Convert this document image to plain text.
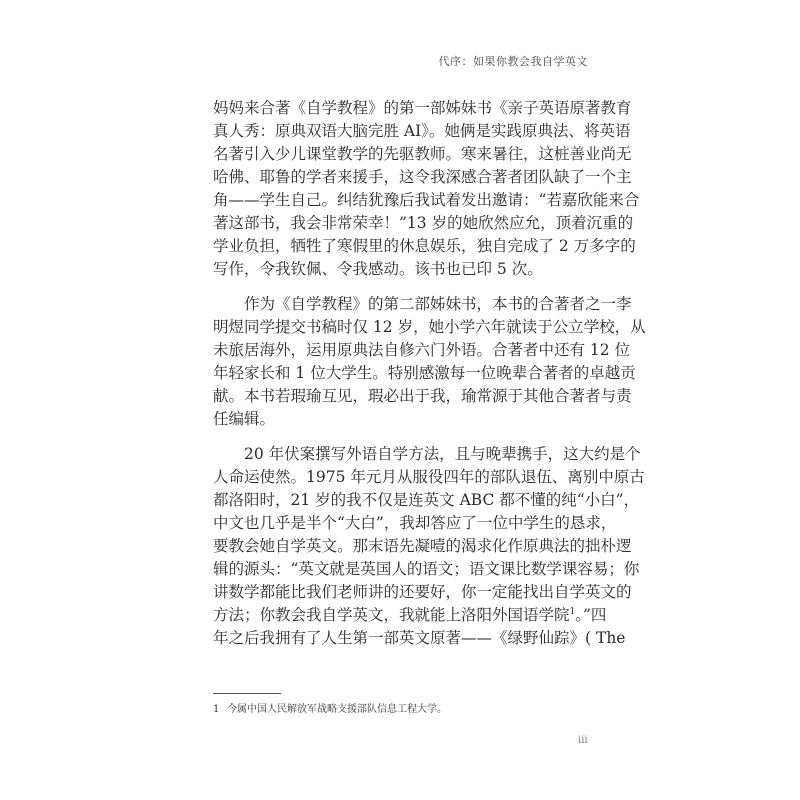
代序：如果你教会我自学英文
妈妈来合著《自学教程》的第一部姊妹书《亲子英语原著教育
真人秀：原典双语大脑完胜 AI》。她俩是实践原典法、将英语
名著引入少儿课堂教学的先驱教师。寒来暑往，这桩善业尚无
哈佛、耶鲁的学者来援手，这令我深感合著者团队缺了一个主
角——学生自己。纠结犹豫后我试着发出邀请：“若嘉欣能来合
著这部书，我会非常荣幸！”13 岁的她欣然应允，顶着沉重的
学业负担，牺牲了寒假里的休息娱乐，独自完成了 2 万多字的
写作，令我钦佩、令我感动。该书也已印 5 次。
　　作为《自学教程》的第二部姊妹书，本书的合著者之一李
明煜同学提交书稿时仅 12 岁，她小学六年就读于公立学校，从
未旅居海外，运用原典法自修六门外语。合著者中还有 12 位
年轻家长和 1 位大学生。特别感激每一位晚辈合著者的卓越贡
献。本书若瑕瑜互见，瑕必出于我，瑜常源于其他合著者与责
任编辑。
　　20 年伏案撰写外语自学方法，且与晚辈携手，这大约是个
人命运使然。1975 年元月从服役四年的部队退伍、离别中原古
都洛阳时，21 岁的我不仅是连英文 ABC 都不懂的纯“小白”，
中文也几乎是半个“大白”，我却答应了一位中学生的恳求，
要教会她自学英文。那末语先凝噎的渴求化作原典法的拙朴逻
辑的源头：“英文就是英国人的语文；语文课比数学课容易；你
讲数学都能比我们老师讲的还要好，你一定能找出自学英文的
方法；你教会我自学英文，我就能上洛阳外国语学院$^1$。”四
年之后我拥有了人生第一部英文原著——《绿野仙踪》( The
1 今属中国人民解放军战略支援部队信息工程大学。
iii
